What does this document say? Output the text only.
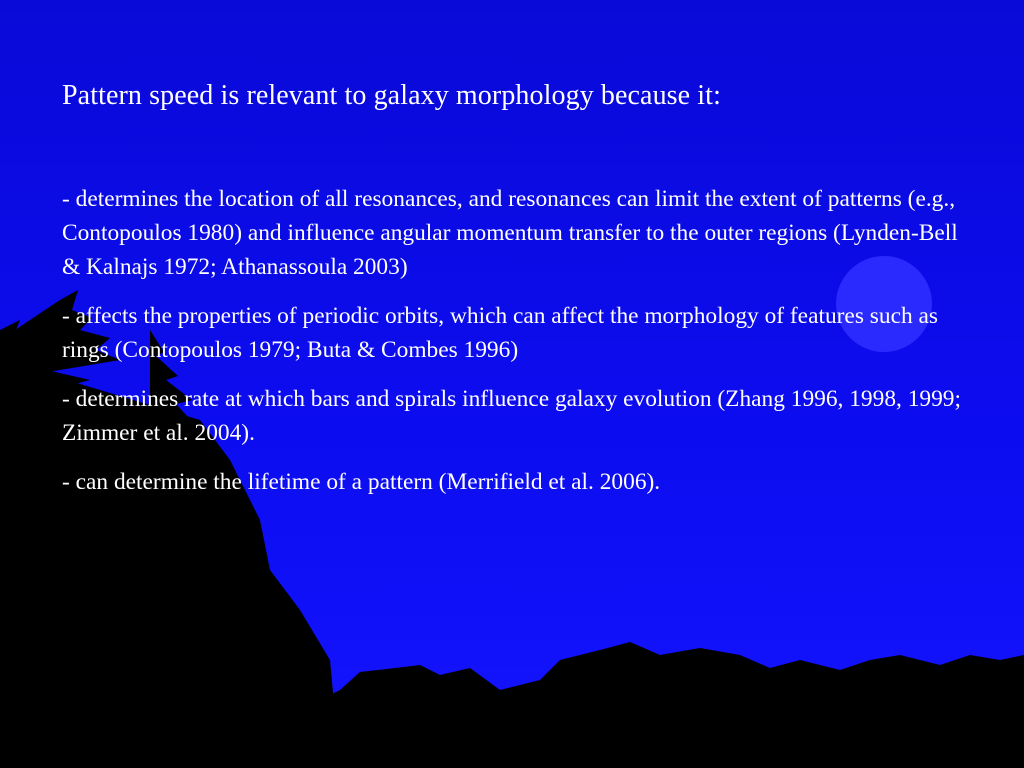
Pattern speed is relevant to galaxy morphology because it:

- determines the location of all resonances, and resonances can limit the extent of patterns (e.g., Contopoulos 1980) and influence angular momentum transfer to the outer regions (Lynden-Bell & Kalnajs 1972; Athanassoula 2003)

- affects the properties of periodic orbits, which can affect the morphology of features such as rings (Contopoulos 1979; Buta & Combes 1996)

- determines rate at which bars and spirals influence galaxy evolution (Zhang 1996, 1998, 1999; Zimmer et al. 2004).

- can determine the lifetime of a pattern (Merrifield et al. 2006).
